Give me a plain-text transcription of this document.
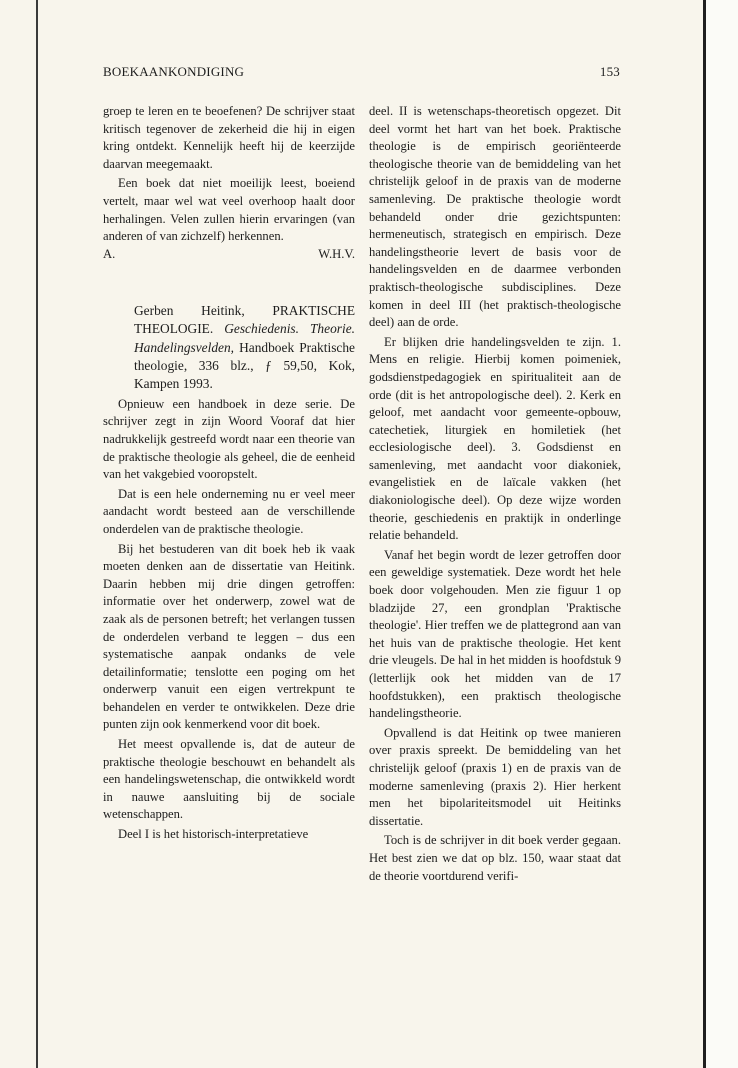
BOEKAANKONDIGING	153

groep te leren en te beoefenen? De schrijver staat kritisch tegenover de zekerheid die hij in eigen kring ontdekt. Kennelijk heeft hij de keerzijde daarvan meegemaakt.

Een boek dat niet moeilijk leest, boeiend vertelt, maar wel wat veel overhoop haalt door herhalingen. Velen zullen hierin ervaringen (van anderen of van zichzelf) herkennen.

A.	W.H.V.

Gerben Heitink, PRAKTISCHE THEOLOGIE. Geschiedenis. Theorie. Handelingsvelden, Handboek Praktische theologie, 336 blz., ƒ 59,50, Kok, Kampen 1993.

Opnieuw een handboek in deze serie. De schrijver zegt in zijn Woord Vooraf dat hier nadrukkelijk gestreefd wordt naar een theorie van de praktische theologie als geheel, die de eenheid van het vakgebied vooropstelt.

Dat is een hele onderneming nu er veel meer aandacht wordt besteed aan de verschillende onderdelen van de praktische theologie.

Bij het bestuderen van dit boek heb ik vaak moeten denken aan de dissertatie van Heitink. Daarin hebben mij drie dingen getroffen: informatie over het onderwerp, zowel wat de zaak als de personen betreft; het verlangen tussen de onderdelen verband te leggen – dus een systematische aanpak ondanks de vele detailinformatie; tenslotte een poging om het onderwerp vanuit een eigen vertrekpunt te behandelen en verder te ontwikkelen. Deze drie punten zijn ook kenmerkend voor dit boek.

Het meest opvallende is, dat de auteur de praktische theologie beschouwt en behandelt als een handelingswetenschap, die ontwikkeld wordt in nauwe aansluiting bij de sociale wetenschappen.

Deel I is het historisch-interpretatieve

deel. II is wetenschaps-theoretisch opgezet. Dit deel vormt het hart van het boek. Praktische theologie is de empirisch georiënteerde theologische theorie van de bemiddeling van het christelijk geloof in de praxis van de moderne samenleving. De praktische theologie wordt behandeld onder drie gezichtspunten: hermeneutisch, strategisch en empirisch. Deze handelingstheorie levert de basis voor de handelingsvelden en de daarmee verbonden praktisch-theologische subdisciplines. Deze komen in deel III (het praktisch-theologische deel) aan de orde.

Er blijken drie handelingsvelden te zijn. 1. Mens en religie. Hierbij komen poimeniek, godsdienstpedagogiek en spiritualiteit aan de orde (dit is het antropologische deel). 2. Kerk en geloof, met aandacht voor gemeente-opbouw, catechetiek, liturgiek en homiletiek (het ecclesiologische deel). 3. Godsdienst en samenleving, met aandacht voor diakoniek, evangelistiek en de laïcale vakken (het diakoniologische deel). Op deze wijze worden theorie, geschiedenis en praktijk in onderlinge relatie behandeld.

Vanaf het begin wordt de lezer getroffen door een geweldige systematiek. Deze wordt het hele boek door volgehouden. Men zie figuur 1 op bladzijde 27, een grondplan 'Praktische theologie'. Hier treffen we de plattegrond aan van het huis van de praktische theologie. Het kent drie vleugels. De hal in het midden is hoofdstuk 9 (letterlijk ook het midden van de 17 hoofdstukken), een praktisch theologische handelingstheorie.

Opvallend is dat Heitink op twee manieren over praxis spreekt. De bemiddeling van het christelijk geloof (praxis 1) en de praxis van de moderne samenleving (praxis 2). Hier herkent men het bipolariteitsmodel uit Heitinks dissertatie.

Toch is de schrijver in dit boek verder gegaan. Het best zien we dat op blz. 150, waar staat dat de theorie voortdurend verifi-
